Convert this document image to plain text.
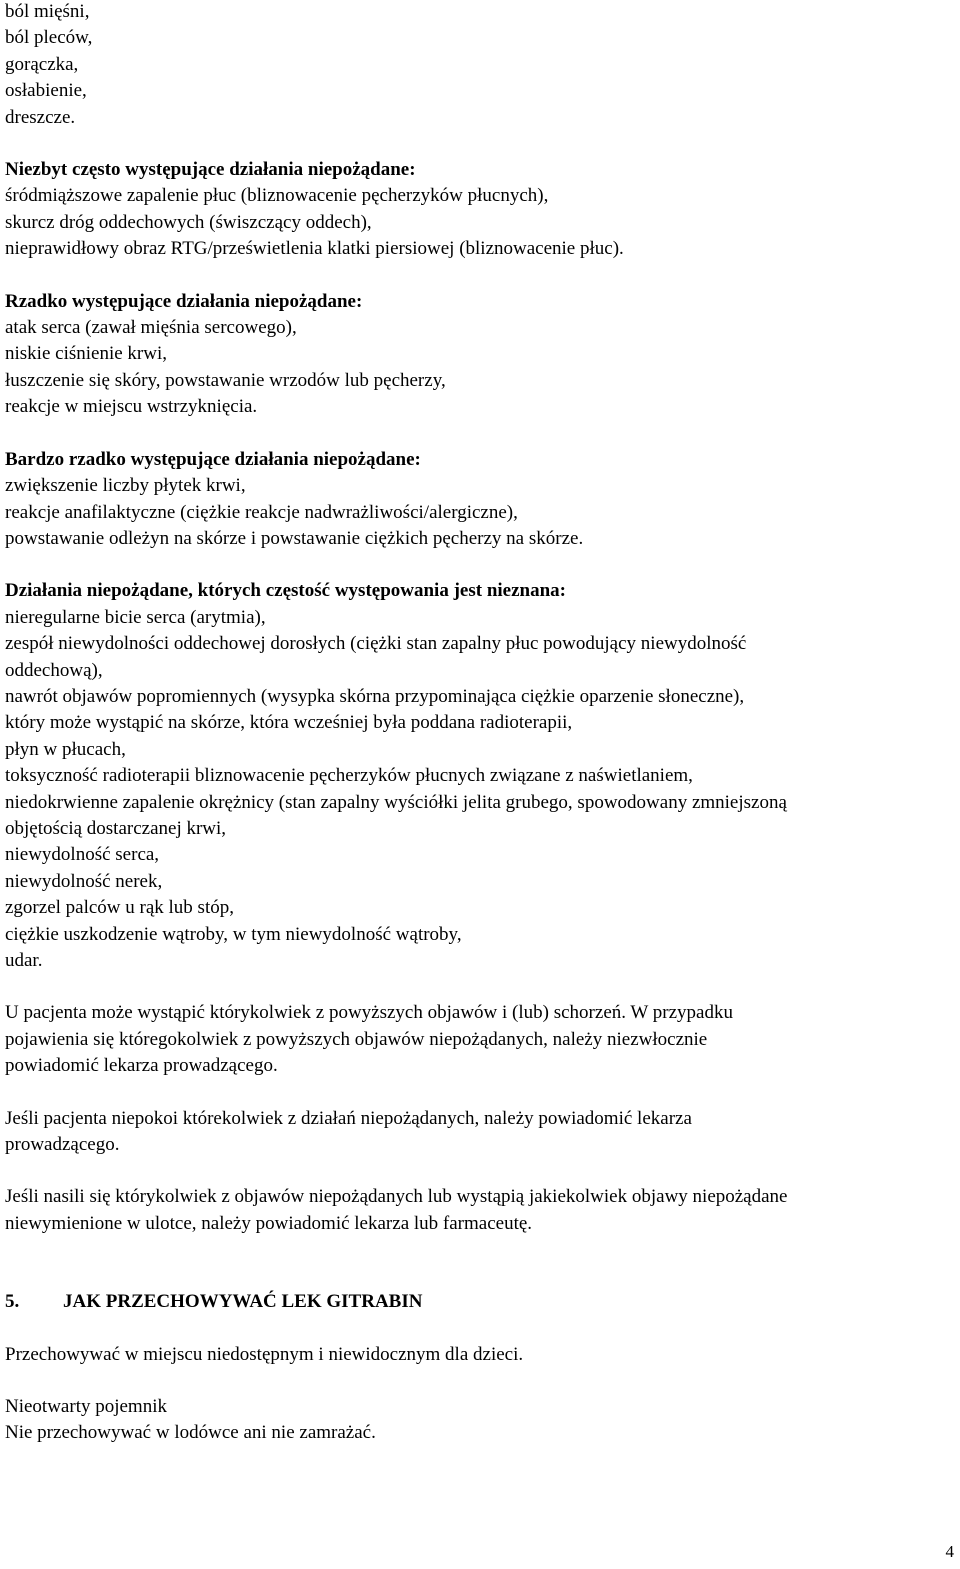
ból mięśni,
ból pleców,
gorączka,
osłabienie,
dreszcze.
Niezbyt często występujące działania niepożądane:
śródmiąższowe zapalenie płuc (bliznowacenie pęcherzyków płucnych),
skurcz dróg oddechowych (świszczący oddech),
nieprawidłowy obraz RTG/prześwietlenia klatki piersiowej (bliznowacenie płuc).
Rzadko występujące działania niepożądane:
atak serca (zawał mięśnia sercowego),
niskie ciśnienie krwi,
łuszczenie się skóry, powstawanie wrzodów lub pęcherzy,
reakcje w miejscu wstrzyknięcia.
Bardzo rzadko występujące działania niepożądane:
zwiększenie liczby płytek krwi,
reakcje anafilaktyczne (ciężkie reakcje nadwrażliwości/alergiczne),
powstawanie odleżyn na skórze i powstawanie ciężkich pęcherzy na skórze.
Działania niepożądane, których częstość występowania jest nieznana:
nieregularne bicie serca (arytmia),
zespół niewydolności oddechowej dorosłych (ciężki stan zapalny płuc powodujący niewydolność
oddechową),
nawrót objawów popromiennych (wysypka skórna przypominająca ciężkie oparzenie słoneczne),
który może wystąpić na skórze, która wcześniej była poddana radioterapii,
płyn w płucach,
toksyczność radioterapii bliznowacenie pęcherzyków płucnych związane z naświetlaniem,
niedokrwienne zapalenie okrężnicy (stan zapalny wyściółki jelita grubego, spowodowany zmniejszoną
objętością dostarczanej krwi,
niewydolność serca,
niewydolność nerek,
zgorzel palców u rąk lub stóp,
ciężkie uszkodzenie wątroby, w tym niewydolność wątroby,
udar.
U pacjenta może wystąpić którykolwiek z powyższych objawów i (lub) schorzeń. W przypadku
pojawienia się któregokolwiek z powyższych objawów niepożądanych, należy niezwłocznie
powiadomić lekarza prowadzącego.
Jeśli pacjenta niepokoi którekolwiek z działań niepożądanych, należy powiadomić lekarza
prowadzącego.
Jeśli nasili się którykolwiek z objawów niepożądanych lub wystąpią jakiekolwiek objawy niepożądane
niewymienione w ulotce, należy powiadomić lekarza lub farmaceutę.
5.	JAK PRZECHOWYWAĆ LEK GITRABIN
Przechowywać w miejscu niedostępnym i niewidocznym dla dzieci.
Nieotwarty pojemnik
Nie przechowywać w lodówce ani nie zamrażać.
4
